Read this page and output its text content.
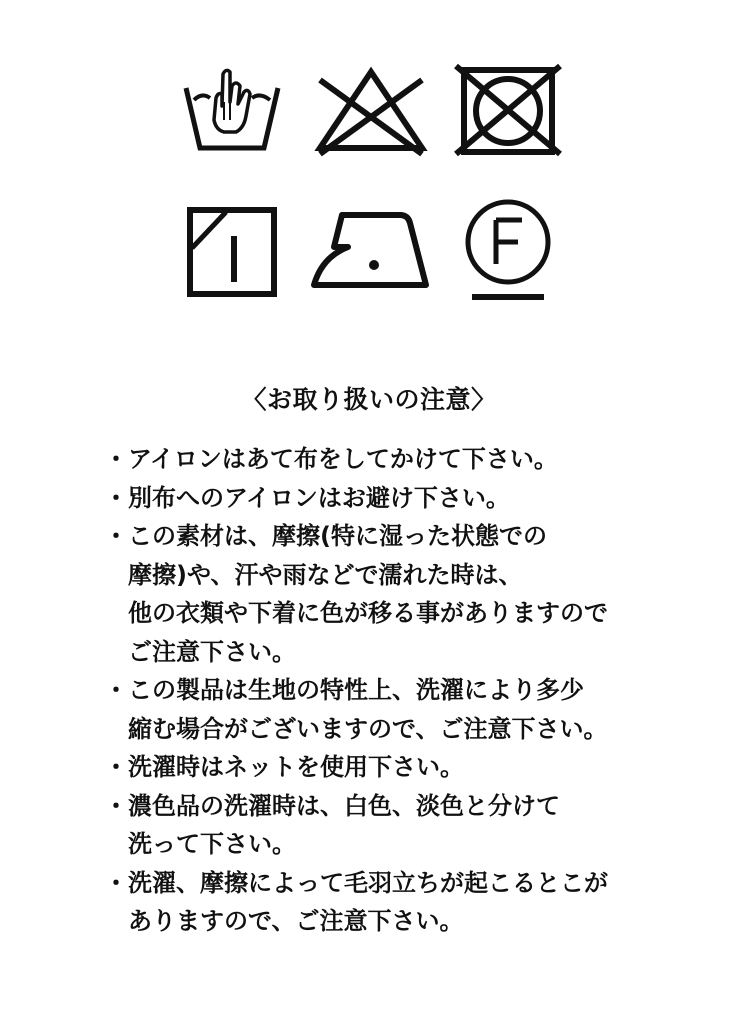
〈お取り扱いの注意〉
・ アイロンはあて布をしてかけて下さい。
・ 別布へのアイロンはお避け下さい。
・ この素材は、摩擦(特に湿った状態での
摩擦)や、汗や雨などで濡れた時は、
他の衣類や下着に色が移る事がありますので
ご注意下さい。
・ この製品は生地の特性上、洗濯により多少
縮む場合がございますので、ご注意下さい。
・ 洗濯時はネットを使用下さい。
・ 濃色品の洗濯時は、白色、淡色と分けて
洗って下さい。
・ 洗濯、摩擦によって毛羽立ちが起こるとこが
ありますので、ご注意下さい。
